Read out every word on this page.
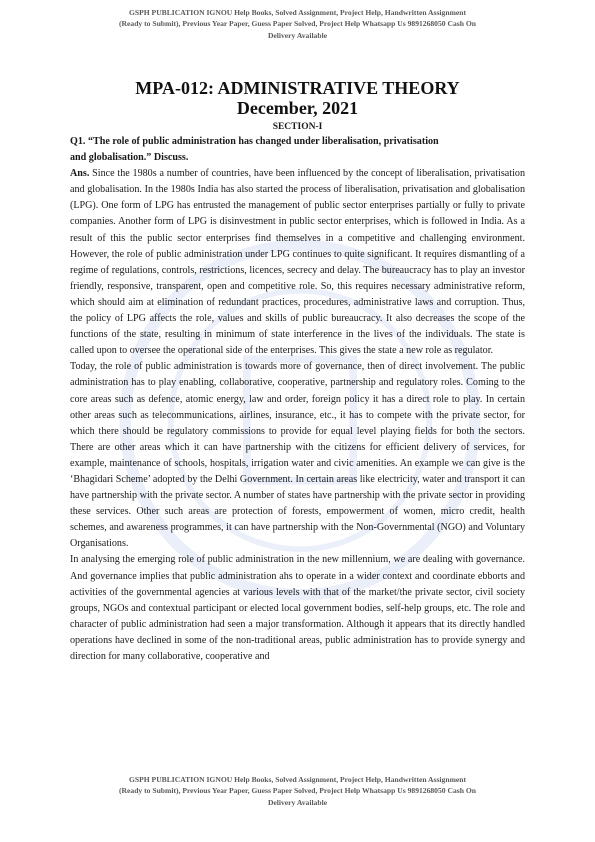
GSPH PUBLICATION IGNOU Help Books, Solved Assignment, Project Help, Handwritten Assignment
(Ready to Submit), Previous Year Paper, Guess Paper Solved, Project Help Whatsapp Us 9891268050 Cash On
Delivery Available
MPA-012: ADMINISTRATIVE THEORY
December, 2021
SECTION-I

Q1. “The role of public administration has changed under liberalisation, privatisation
and globalisation.” Discuss.

Ans. Since the 1980s a number of countries, have been influenced by the concept of liberalisation, privatisation and globalisation. In the 1980s India has also started the process of liberalisation, privatisation and globalisation (LPG). One form of LPG has entrusted the management of public sector enterprises partially or fully to private companies. Another form of LPG is disinvestment in public sector enterprises, which is followed in India. As a result of this the public sector enterprises find themselves in a competitive and challenging environment. However, the role of public administration under LPG continues to quite significant. It requires dismantling of a regime of regulations, controls, restrictions, licences, secrecy and delay. The bureaucracy has to play an investor friendly, responsive, transparent, open and competitive role. So, this requires necessary administrative reform, which should aim at elimination of redundant practices, procedures, administrative laws and corruption. Thus, the policy of LPG affects the role, values and skills of public bureaucracy. It also decreases the scope of the functions of the state, resulting in minimum of state interference in the lives of the individuals. The state is called upon to oversee the operational side of the enterprises. This gives the state a new role as regulator.

Today, the role of public administration is towards more of governance, then of direct involvement. The public administration has to play enabling, collaborative, cooperative, partnership and regulatory roles. Coming to the core areas such as defence, atomic energy, law and order, foreign policy it has a direct role to play. In certain other areas such as telecommunications, airlines, insurance, etc., it has to compete with the private sector, for which there should be regulatory commissions to provide for equal level playing fields for both the sectors. There are other areas which it can have partnership with the citizens for efficient delivery of services, for example, maintenance of schools, hospitals, irrigation water and civic amenities. An example we can give is the ‘Bhagidari Scheme’ adopted by the Delhi Government. In certain areas like electricity, water and transport it can have partnership with the private sector. A number of states have partnership with the private sector in providing these services. Other such areas are protection of forests, empowerment of women, micro credit, health schemes, and awareness programmes, it can have partnership with the Non-Governmental (NGO) and Voluntary Organisations.

In analysing the emerging role of public administration in the new millennium, we are dealing with governance. And governance implies that public administration ahs to operate in a wider context and coordinate ebborts and activities of the governmental agencies at various levels with that of the market/the private sector, civil society groups, NGOs and contextual participant or elected local government bodies, self-help groups, etc. The role and character of public administration had seen a major transformation. Although it appears that its directly handled operations have declined in some of the non-traditional areas, public administration has to provide synergy and direction for many collaborative, cooperative and

GSPH PUBLICATION IGNOU Help Books, Solved Assignment, Project Help, Handwritten Assignment
(Ready to Submit), Previous Year Paper, Guess Paper Solved, Project Help Whatsapp Us 9891268050 Cash On
Delivery Available
